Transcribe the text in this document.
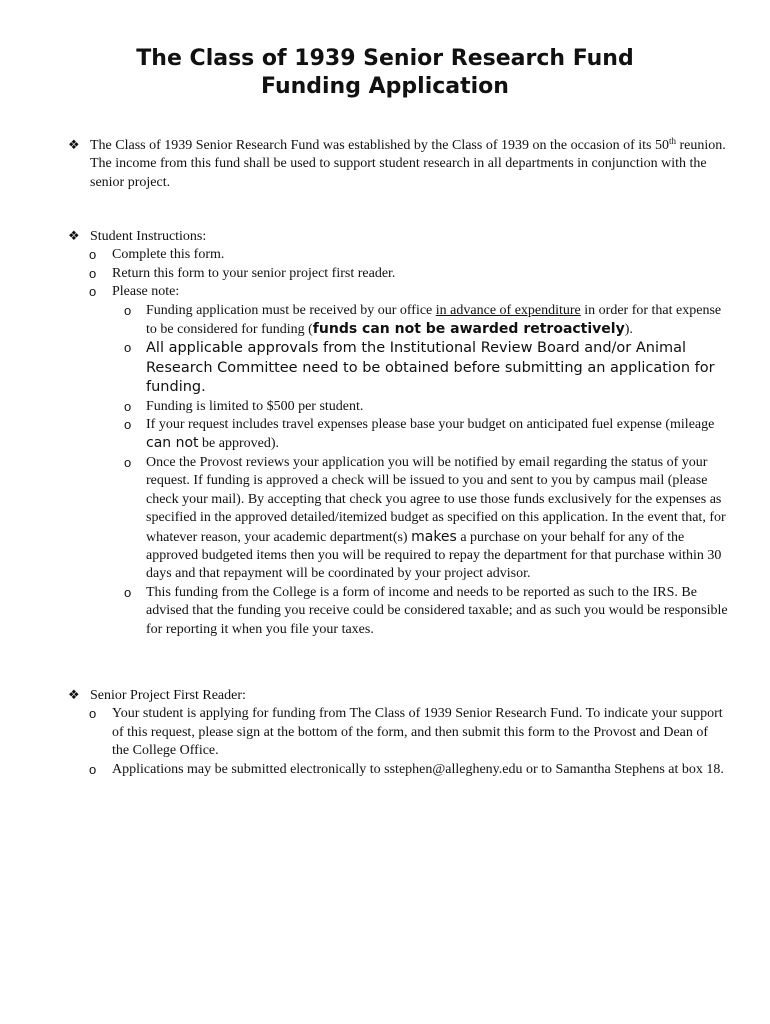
The Class of 1939 Senior Research Fund
Funding Application
❖ The Class of 1939 Senior Research Fund was established by the Class of 1939 on the occasion of its 50th reunion. The income from this fund shall be used to support student research in all departments in conjunction with the senior project.
❖ Student Instructions:
o Complete this form.
o Return this form to your senior project first reader.
o Please note:
o Funding application must be received by our office in advance of expenditure in order for that expense to be considered for funding (funds can not be awarded retroactively).
o All applicable approvals from the Institutional Review Board and/or Animal Research Committee need to be obtained before submitting an application for funding.
o Funding is limited to $500 per student.
o If your request includes travel expenses please base your budget on anticipated fuel expense (mileage can not be approved).
o Once the Provost reviews your application you will be notified by email regarding the status of your request. If funding is approved a check will be issued to you and sent to you by campus mail (please check your mail). By accepting that check you agree to use those funds exclusively for the expenses as specified in the approved detailed/itemized budget as specified on this application. In the event that, for whatever reason, your academic department(s) makes a purchase on your behalf for any of the approved budgeted items then you will be required to repay the department for that purchase within 30 days and that repayment will be coordinated by your project advisor.
o This funding from the College is a form of income and needs to be reported as such to the IRS. Be advised that the funding you receive could be considered taxable; and as such you would be responsible for reporting it when you file your taxes.
❖ Senior Project First Reader:
o Your student is applying for funding from The Class of 1939 Senior Research Fund. To indicate your support of this request, please sign at the bottom of the form, and then submit this form to the Provost and Dean of the College Office.
o Applications may be submitted electronically to sstephen@allegheny.edu or to Samantha Stephens at box 18.
